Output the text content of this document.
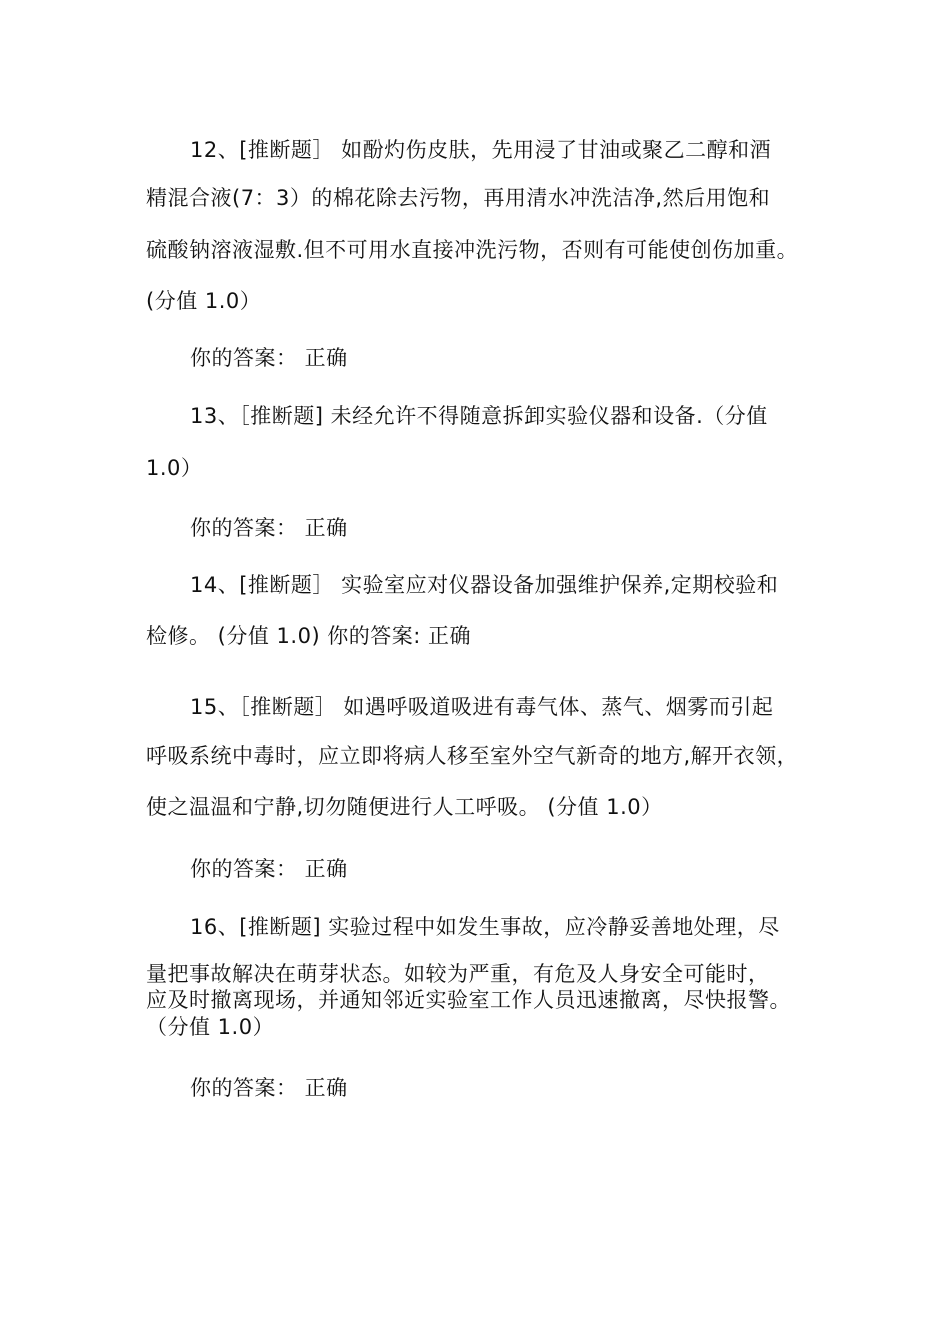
12、[推断题］ 如酚灼伤皮肤，先用浸了甘油或聚乙二醇和酒
精混合液(7：3）的棉花除去污物，再用清水冲洗洁净,然后用饱和
硫酸钠溶液湿敷.但不可用水直接冲洗污物，否则有可能使创伤加重。
(分值 1.0）
你的答案： 正确
13、［推断题] 未经允许不得随意拆卸实验仪器和设备.（分值
1.0）
你的答案： 正确
14、[推断题］ 实验室应对仪器设备加强维护保养,定期校验和
检修。 (分值 1.0) 你的答案: 正确
15、［推断题］ 如遇呼吸道吸进有毒气体、蒸气、烟雾而引起
呼吸系统中毒时，应立即将病人移至室外空气新奇的地方,解开衣领，
使之温温和宁静,切勿随便进行人工呼吸。 (分值 1.0）
你的答案： 正确
16、[推断题] 实验过程中如发生事故，应冷静妥善地处理，尽
量把事故解决在萌芽状态。如较为严重，有危及人身安全可能时，
应及时撤离现场，并通知邻近实验室工作人员迅速撤离，尽快报警。
（分值 1.0）
你的答案： 正确
